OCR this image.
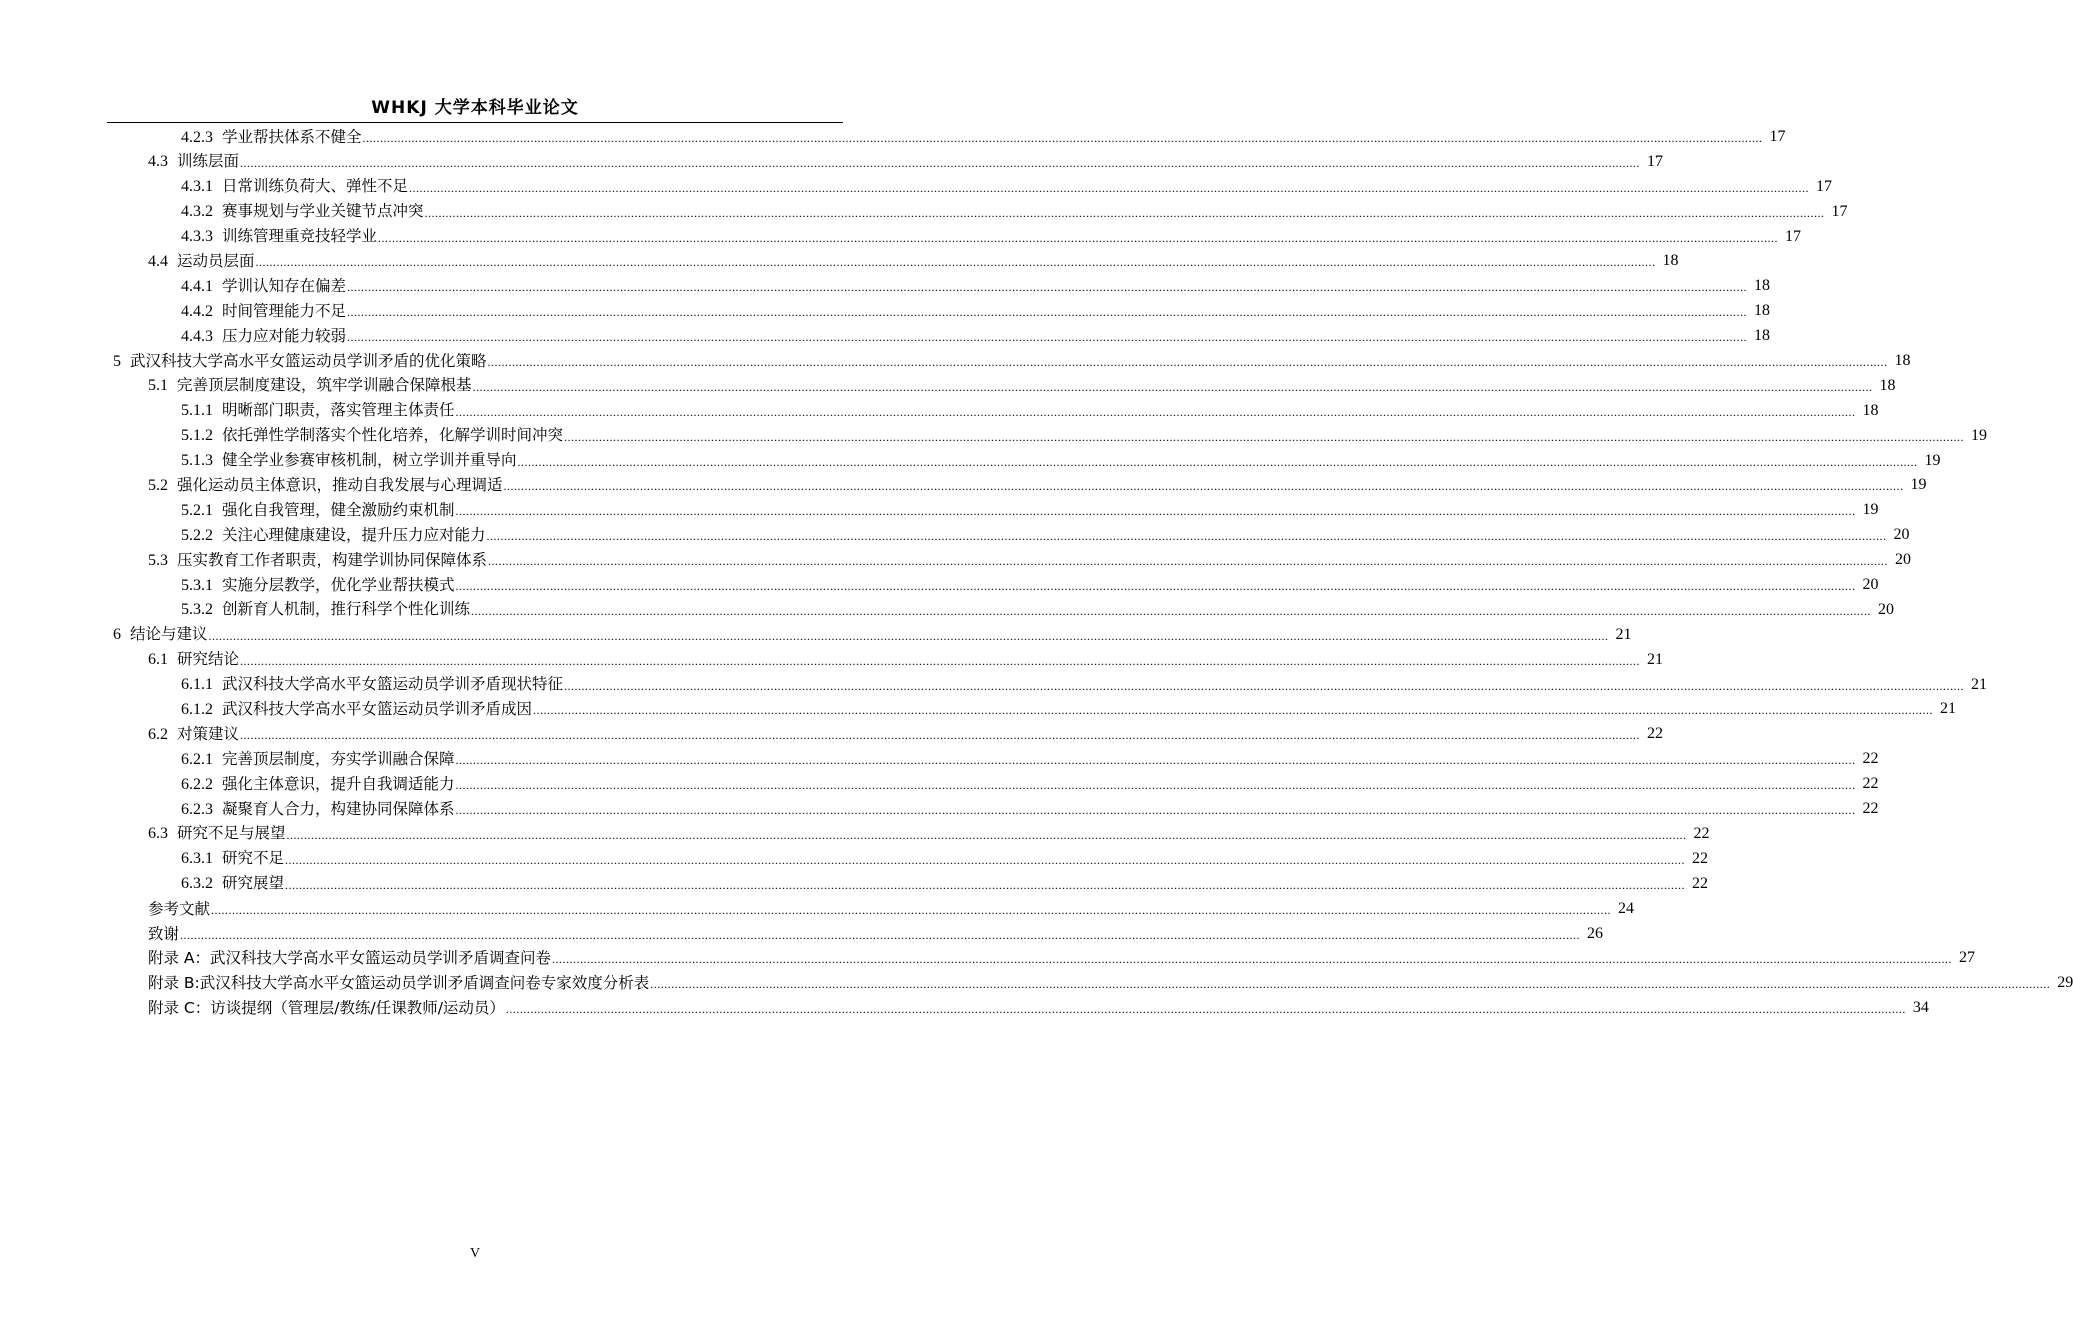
WHKJ 大学本科毕业论文
4.2.3 学业帮扶体系不健全 ................................................................................................................................................................................................................................................................................................................................................................................................................ 17
4.3 训练层面 ................................................................................................................................................................................................................................................................................................................................................................................................................ 17
4.3.1 日常训练负荷大、弹性不足 ................................................................................................................................................................................................................................................................................................................................................................................................................ 17
4.3.2 赛事规划与学业关键节点冲突 ................................................................................................................................................................................................................................................................................................................................................................................................................ 17
4.3.3 训练管理重竞技轻学业 ................................................................................................................................................................................................................................................................................................................................................................................................................ 17
4.4 运动员层面 ................................................................................................................................................................................................................................................................................................................................................................................................................ 18
4.4.1 学训认知存在偏差 ................................................................................................................................................................................................................................................................................................................................................................................................................ 18
4.4.2 时间管理能力不足 ................................................................................................................................................................................................................................................................................................................................................................................................................ 18
4.4.3 压力应对能力较弱 ................................................................................................................................................................................................................................................................................................................................................................................................................ 18
5 武汉科技大学高水平女篮运动员学训矛盾的优化策略 ................................................................................................................................................................................................................................................................................................................................................................................................................ 18
5.1 完善顶层制度建设，筑牢学训融合保障根基 ................................................................................................................................................................................................................................................................................................................................................................................................................ 18
5.1.1 明晰部门职责，落实管理主体责任 ................................................................................................................................................................................................................................................................................................................................................................................................................ 18
5.1.2 依托弹性学制落实个性化培养，化解学训时间冲突 ................................................................................................................................................................................................................................................................................................................................................................................................................ 19
5.1.3 健全学业参赛审核机制，树立学训并重导向 ................................................................................................................................................................................................................................................................................................................................................................................................................ 19
5.2 强化运动员主体意识，推动自我发展与心理调适 ................................................................................................................................................................................................................................................................................................................................................................................................................ 19
5.2.1 强化自我管理，健全激励约束机制 ................................................................................................................................................................................................................................................................................................................................................................................................................ 19
5.2.2 关注心理健康建设，提升压力应对能力 ................................................................................................................................................................................................................................................................................................................................................................................................................ 20
5.3 压实教育工作者职责，构建学训协同保障体系 ................................................................................................................................................................................................................................................................................................................................................................................................................ 20
5.3.1 实施分层教学，优化学业帮扶模式 ................................................................................................................................................................................................................................................................................................................................................................................................................ 20
5.3.2 创新育人机制，推行科学个性化训练 ................................................................................................................................................................................................................................................................................................................................................................................................................ 20
6 结论与建议 ................................................................................................................................................................................................................................................................................................................................................................................................................ 21
6.1 研究结论 ................................................................................................................................................................................................................................................................................................................................................................................................................ 21
6.1.1 武汉科技大学高水平女篮运动员学训矛盾现状特征 ................................................................................................................................................................................................................................................................................................................................................................................................................ 21
6.1.2 武汉科技大学高水平女篮运动员学训矛盾成因 ................................................................................................................................................................................................................................................................................................................................................................................................................ 21
6.2 对策建议 ................................................................................................................................................................................................................................................................................................................................................................................................................ 22
6.2.1 完善顶层制度，夯实学训融合保障 ................................................................................................................................................................................................................................................................................................................................................................................................................ 22
6.2.2 强化主体意识，提升自我调适能力 ................................................................................................................................................................................................................................................................................................................................................................................................................ 22
6.2.3 凝聚育人合力，构建协同保障体系 ................................................................................................................................................................................................................................................................................................................................................................................................................ 22
6.3 研究不足与展望 ................................................................................................................................................................................................................................................................................................................................................................................................................ 22
6.3.1 研究不足 ................................................................................................................................................................................................................................................................................................................................................................................................................ 22
6.3.2 研究展望 ................................................................................................................................................................................................................................................................................................................................................................................................................ 22
参考文献 ................................................................................................................................................................................................................................................................................................................................................................................................................ 24
致谢 ................................................................................................................................................................................................................................................................................................................................................................................................................ 26
附录 A：武汉科技大学高水平女篮运动员学训矛盾调查问卷 ................................................................................................................................................................................................................................................................................................................................................................................................................ 27
附录 B:武汉科技大学高水平女篮运动员学训矛盾调查问卷专家效度分析表 ................................................................................................................................................................................................................................................................................................................................................................................................................ 29
附录 C：访谈提纲（管理层/教练/任课教师/运动员） ................................................................................................................................................................................................................................................................................................................................................................................................................ 34
V
